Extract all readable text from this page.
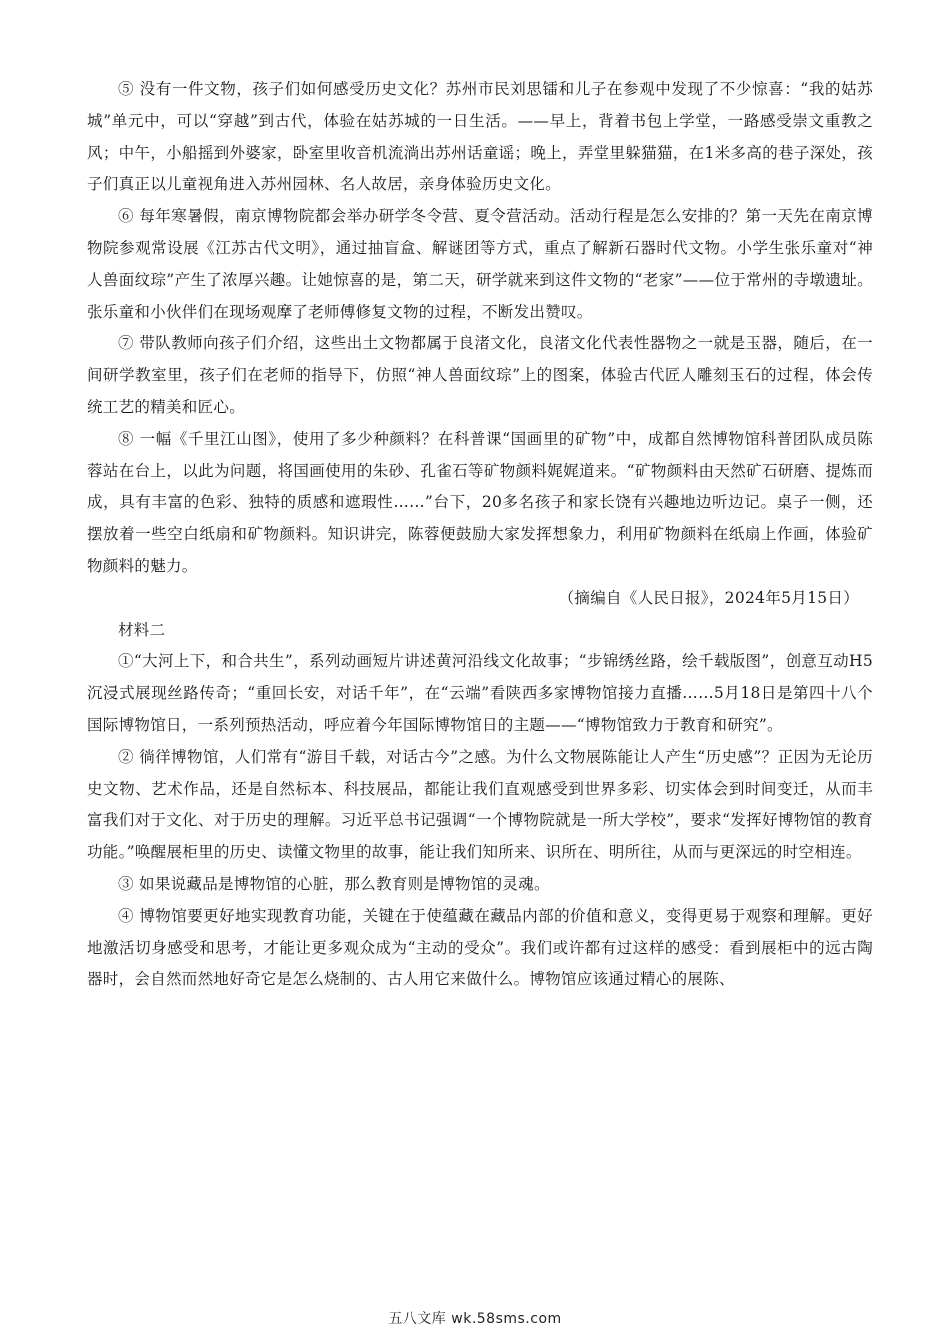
⑤ 没有一件文物，孩子们如何感受历史文化？苏州市民刘思镭和儿子在参观中发现了不少惊喜：“我的姑苏城”单元中，可以“穿越”到古代，体验在姑苏城的一日生活。——早上，背着书包上学堂，一路感受崇文重教之风；中午，小船摇到外婆家，卧室里收音机流淌出苏州话童谣；晚上，弄堂里躲猫猫，在1米多高的巷子深处，孩子们真正以儿童视角进入苏州园林、名人故居，亲身体验历史文化。

⑥ 每年寒暑假，南京博物院都会举办研学冬令营、夏令营活动。活动行程是怎么安排的？第一天先在南京博物院参观常设展《江苏古代文明》，通过抽盲盒、解谜团等方式，重点了解新石器时代文物。小学生张乐童对“神人兽面纹琮”产生了浓厚兴趣。让她惊喜的是，第二天，研学就来到这件文物的“老家”——位于常州的寺墩遗址。张乐童和小伙伴们在现场观摩了老师傅修复文物的过程，不断发出赞叹。

⑦ 带队教师向孩子们介绍，这些出土文物都属于良渚文化，良渚文化代表性器物之一就是玉器，随后，在一间研学教室里，孩子们在老师的指导下，仿照“神人兽面纹琮”上的图案，体验古代匠人雕刻玉石的过程，体会传统工艺的精美和匠心。

⑧ 一幅《千里江山图》，使用了多少种颜料？在科普课“国画里的矿物”中，成都自然博物馆科普团队成员陈蓉站在台上，以此为问题，将国画使用的朱砂、孔雀石等矿物颜料娓娓道来。“矿物颜料由天然矿石研磨、提炼而成，具有丰富的色彩、独特的质感和遮瑕性……”台下，20多名孩子和家长饶有兴趣地边听边记。桌子一侧，还摆放着一些空白纸扇和矿物颜料。知识讲完，陈蓉便鼓励大家发挥想象力，利用矿物颜料在纸扇上作画，体验矿物颜料的魅力。

（摘编自《人民日报》，2024年5月15日）

材料二

①“大河上下，和合共生”，系列动画短片讲述黄河沿线文化故事；“步锦绣丝路，绘千载版图”，创意互动H5沉浸式展现丝路传奇；“重回长安，对话千年”，在“云端”看陕西多家博物馆接力直播……5月18日是第四十八个国际博物馆日，一系列预热活动，呼应着今年国际博物馆日的主题——“博物馆致力于教育和研究”。

② 徜徉博物馆，人们常有“游目千载，对话古今”之感。为什么文物展陈能让人产生“历史感”？正因为无论历史文物、艺术作品，还是自然标本、科技展品，都能让我们直观感受到世界多彩、切实体会到时间变迁，从而丰富我们对于文化、对于历史的理解。习近平总书记强调“一个博物院就是一所大学校”，要求“发挥好博物馆的教育功能。”唤醒展柜里的历史、读懂文物里的故事，能让我们知所来、识所在、明所往，从而与更深远的时空相连。

③ 如果说藏品是博物馆的心脏，那么教育则是博物馆的灵魂。

④ 博物馆要更好地实现教育功能，关键在于使蕴藏在藏品内部的价值和意义，变得更易于观察和理解。更好地激活切身感受和思考，才能让更多观众成为“主动的受众”。我们或许都有过这样的感受：看到展柜中的远古陶器时，会自然而然地好奇它是怎么烧制的、古人用它来做什么。博物馆应该通过精心的展陈、

五八文库 wk.58sms.com
